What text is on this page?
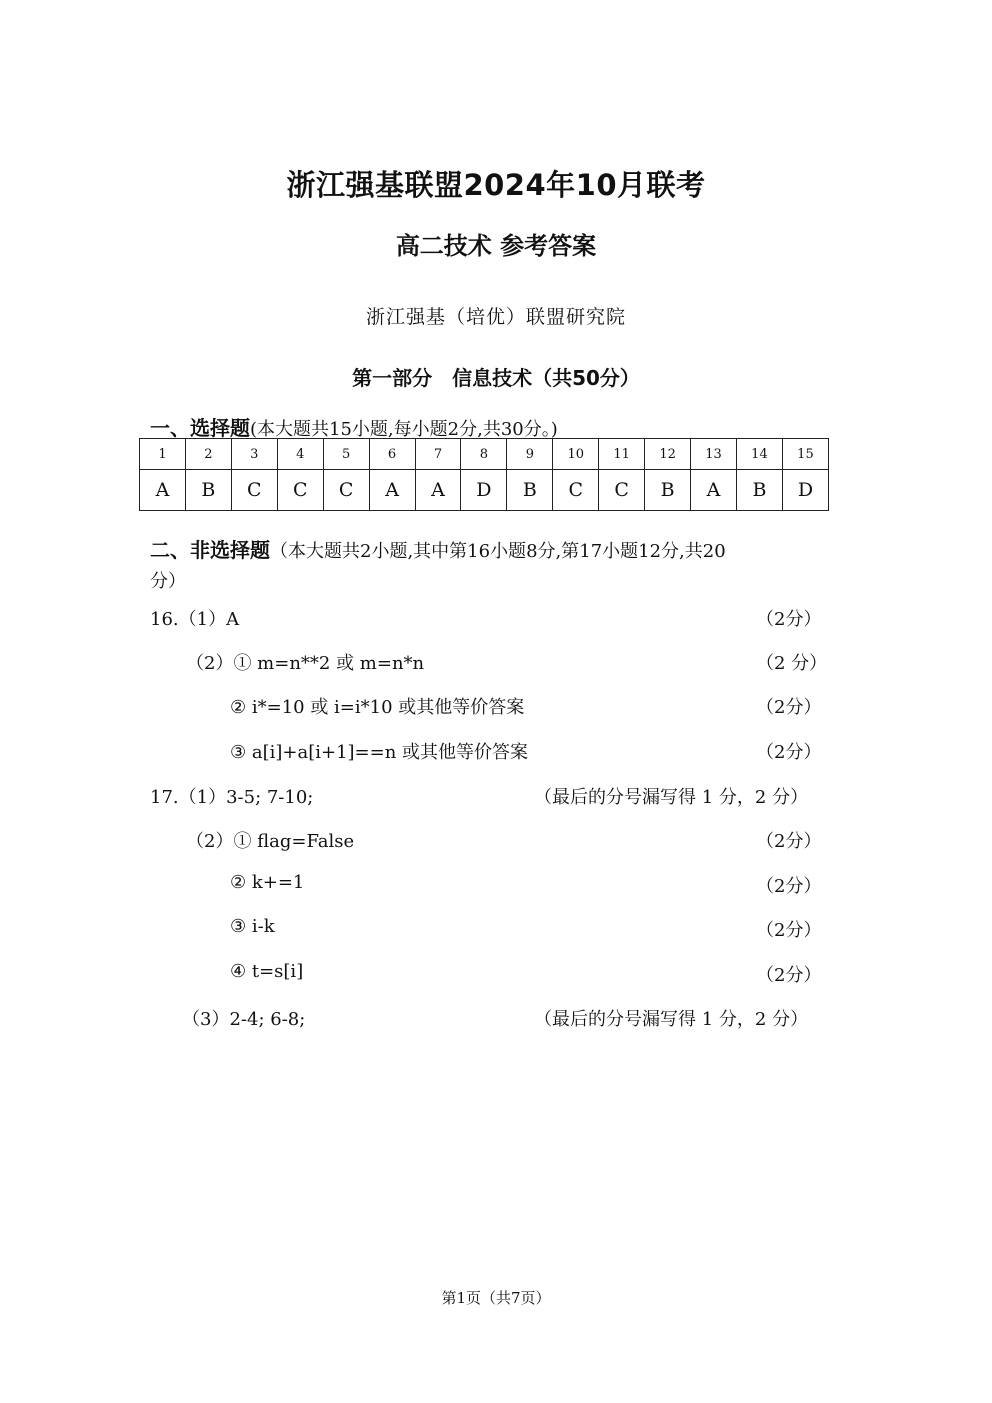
浙江强基联盟2024年10月联考
高二技术 参考答案
浙江强基（培优）联盟研究院
第一部分　信息技术（共50分）
一、选择题(本大题共15小题,每小题2分,共30分。)
1	2	3	4	5	6	7	8	9	10	11	12	13	14	15
A	B	C	C	C	A	A	D	B	C	C	B	A	B	D
二、非选择题（本大题共2小题,其中第16小题8分,第17小题12分,共20
分）
16.（1）A	（2分）
（2）① m=n**2 或 m=n*n	（2 分）
② i*=10 或 i=i*10 或其他等价答案	（2分）
③ a[i]+a[i+1]==n 或其他等价答案	（2分）
17.（1）3-5; 7-10;	（最后的分号漏写得 1 分，2 分）
（2）① flag=False	（2分）
② k+=1	（2分）
③ i-k	（2分）
④ t=s[i]	（2分）
（3）2-4; 6-8;	（最后的分号漏写得 1 分，2 分）
第1页（共7页）
